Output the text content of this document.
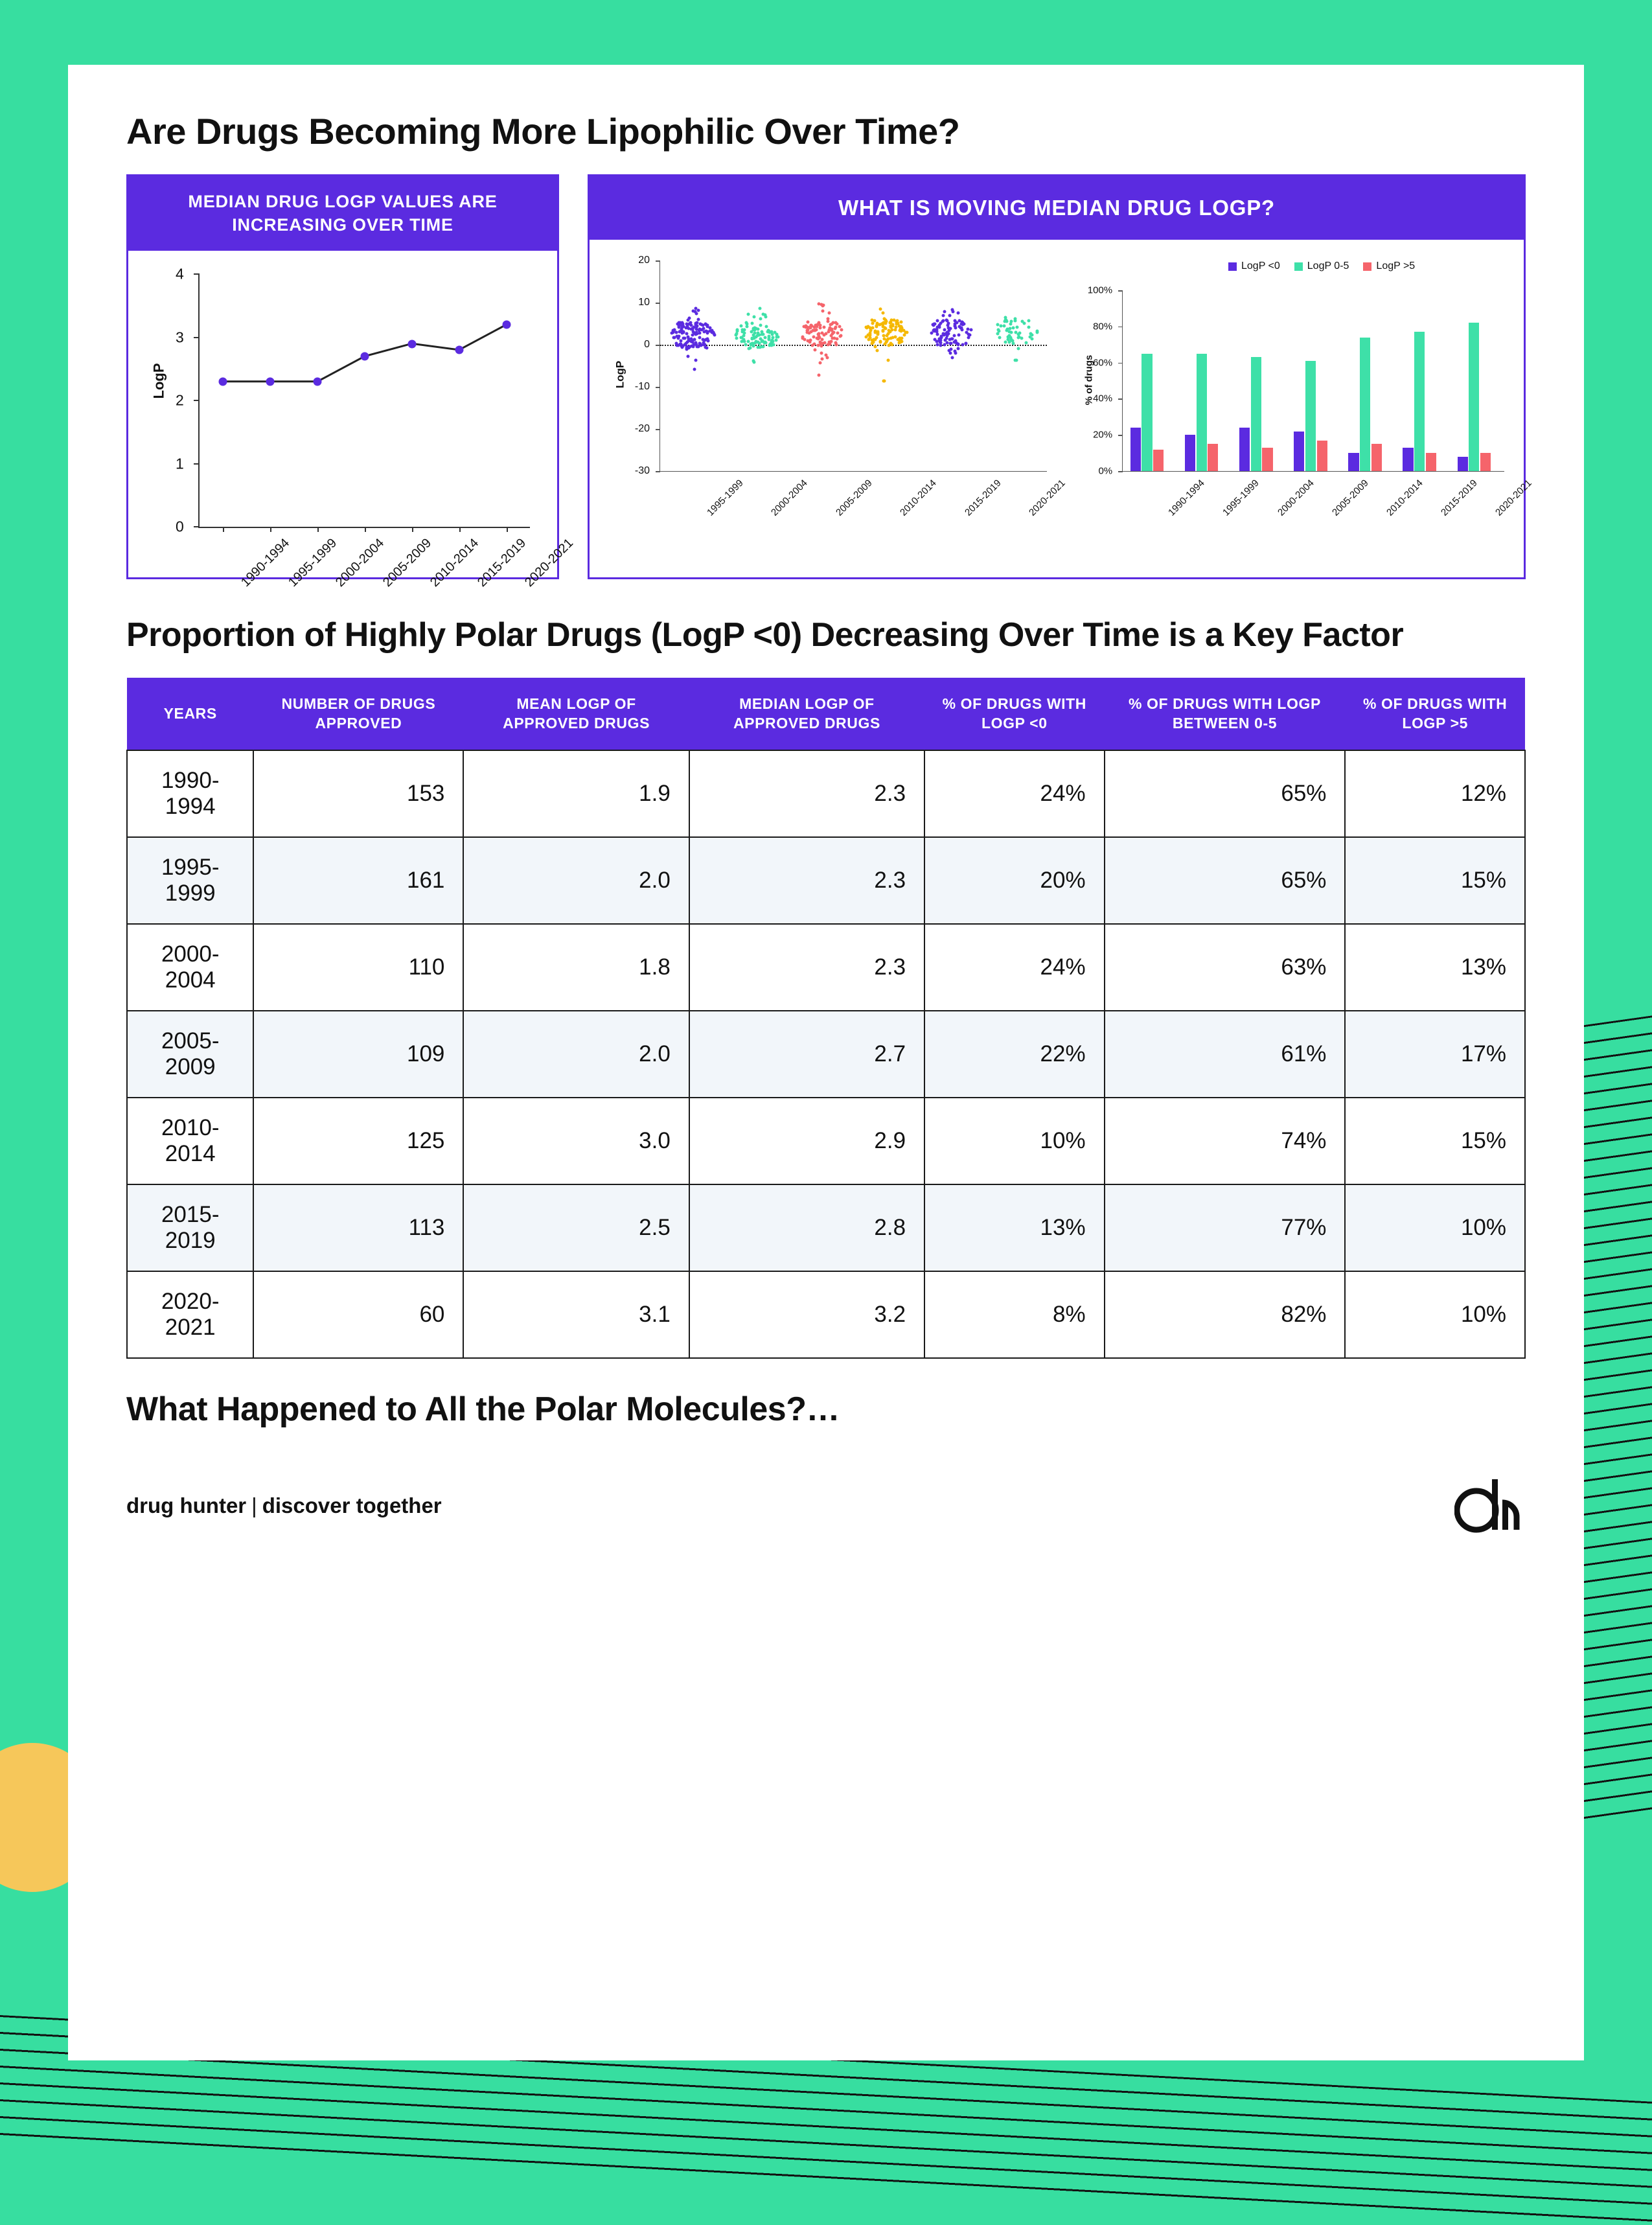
Are Drugs Becoming More Lipophilic Over Time?
MEDIAN DRUG LOGP VALUES ARE INCREASING OVER TIME
LogP
0
1
2
3
4
1990-1994
1995-1999
2000-2004
2005-2009
2010-2014
2015-2019
2020-2021
WHAT IS MOVING MEDIAN DRUG LOGP?
LogP
-30
-20
-10
0
10
20
1995-1999 2000-2004 2005-2009 2010-2014 2015-2019 2020-2021
% of drugs
LogP <0	LogP 0-5	LogP >5
0%
20%
40%
60%
80%
100%
1990-1994 1995-1999 2000-2004 2005-2009 2010-2014 2015-2019 2020-2021
Proportion of Highly Polar Drugs (LogP <0) Decreasing Over Time is a Key Factor
YEARS	NUMBER OF DRUGS APPROVED	MEAN LOGP OF APPROVED DRUGS	MEDIAN LOGP OF APPROVED DRUGS	% OF DRUGS WITH LOGP <0	% OF DRUGS WITH LOGP BETWEEN 0-5	% OF DRUGS WITH LOGP >5
1990-1994	153	1.9	2.3	24%	65%	12%
1995-1999	161	2.0	2.3	20%	65%	15%
2000-2004	110	1.8	2.3	24%	63%	13%
2005-2009	109	2.0	2.7	22%	61%	17%
2010-2014	125	3.0	2.9	10%	74%	15%
2015-2019	113	2.5	2.8	13%	77%	10%
2020-2021	60	3.1	3.2	8%	82%	10%
What Happened to All the Polar Molecules?…
drug hunter | discover together
